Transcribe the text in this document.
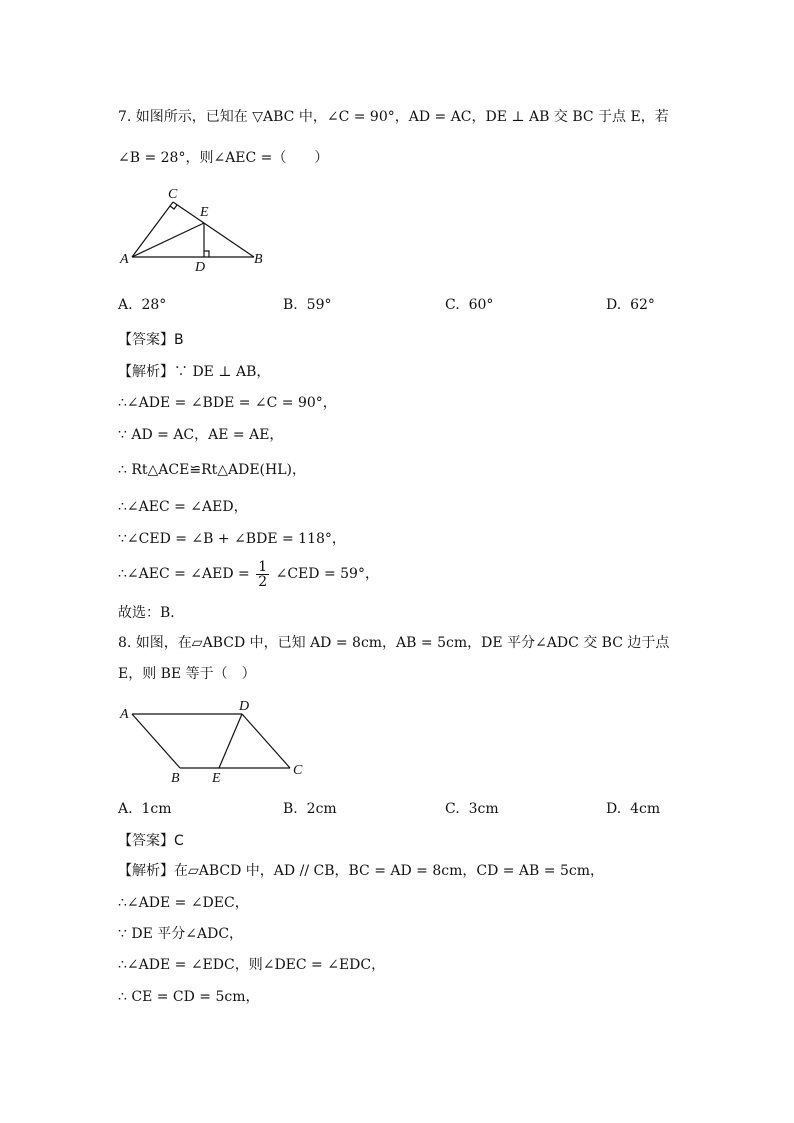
7. 如图所示，已知在 ▽ABC 中，∠C = 90°，AD = AC，DE ⊥ AB 交 BC 于点 E，若
∠B = 28°，则∠AEC =（　　）
C
E
A
D
B
A. 28°	B. 59°	C. 60°	D. 62°
【答案】B
【解析】∵ DE ⊥ AB，
∴∠ADE = ∠BDE = ∠C = 90°，
∵ AD = AC，AE = AE，
∴ Rt△ACE≌Rt△ADE(HL)，
∴∠AEC = ∠AED，
∵∠CED = ∠B + ∠BDE = 118°，
∴∠AEC = ∠AED = $\frac{1}{2}$ ∠CED = 59°，
故选：B．
8. 如图，在▱ABCD 中，已知 AD = 8cm，AB = 5cm，DE 平分∠ADC 交 BC 边于点
E，则 BE 等于（　）
A
D
B E
C
A. 1cm	B. 2cm	C. 3cm	D. 4cm
【答案】C
【解析】在▱ABCD 中，AD // CB，BC = AD = 8cm，CD = AB = 5cm，
∴∠ADE = ∠DEC，
∵ DE 平分∠ADC，
∴∠ADE = ∠EDC，则∠DEC = ∠EDC，
∴ CE = CD = 5cm，
